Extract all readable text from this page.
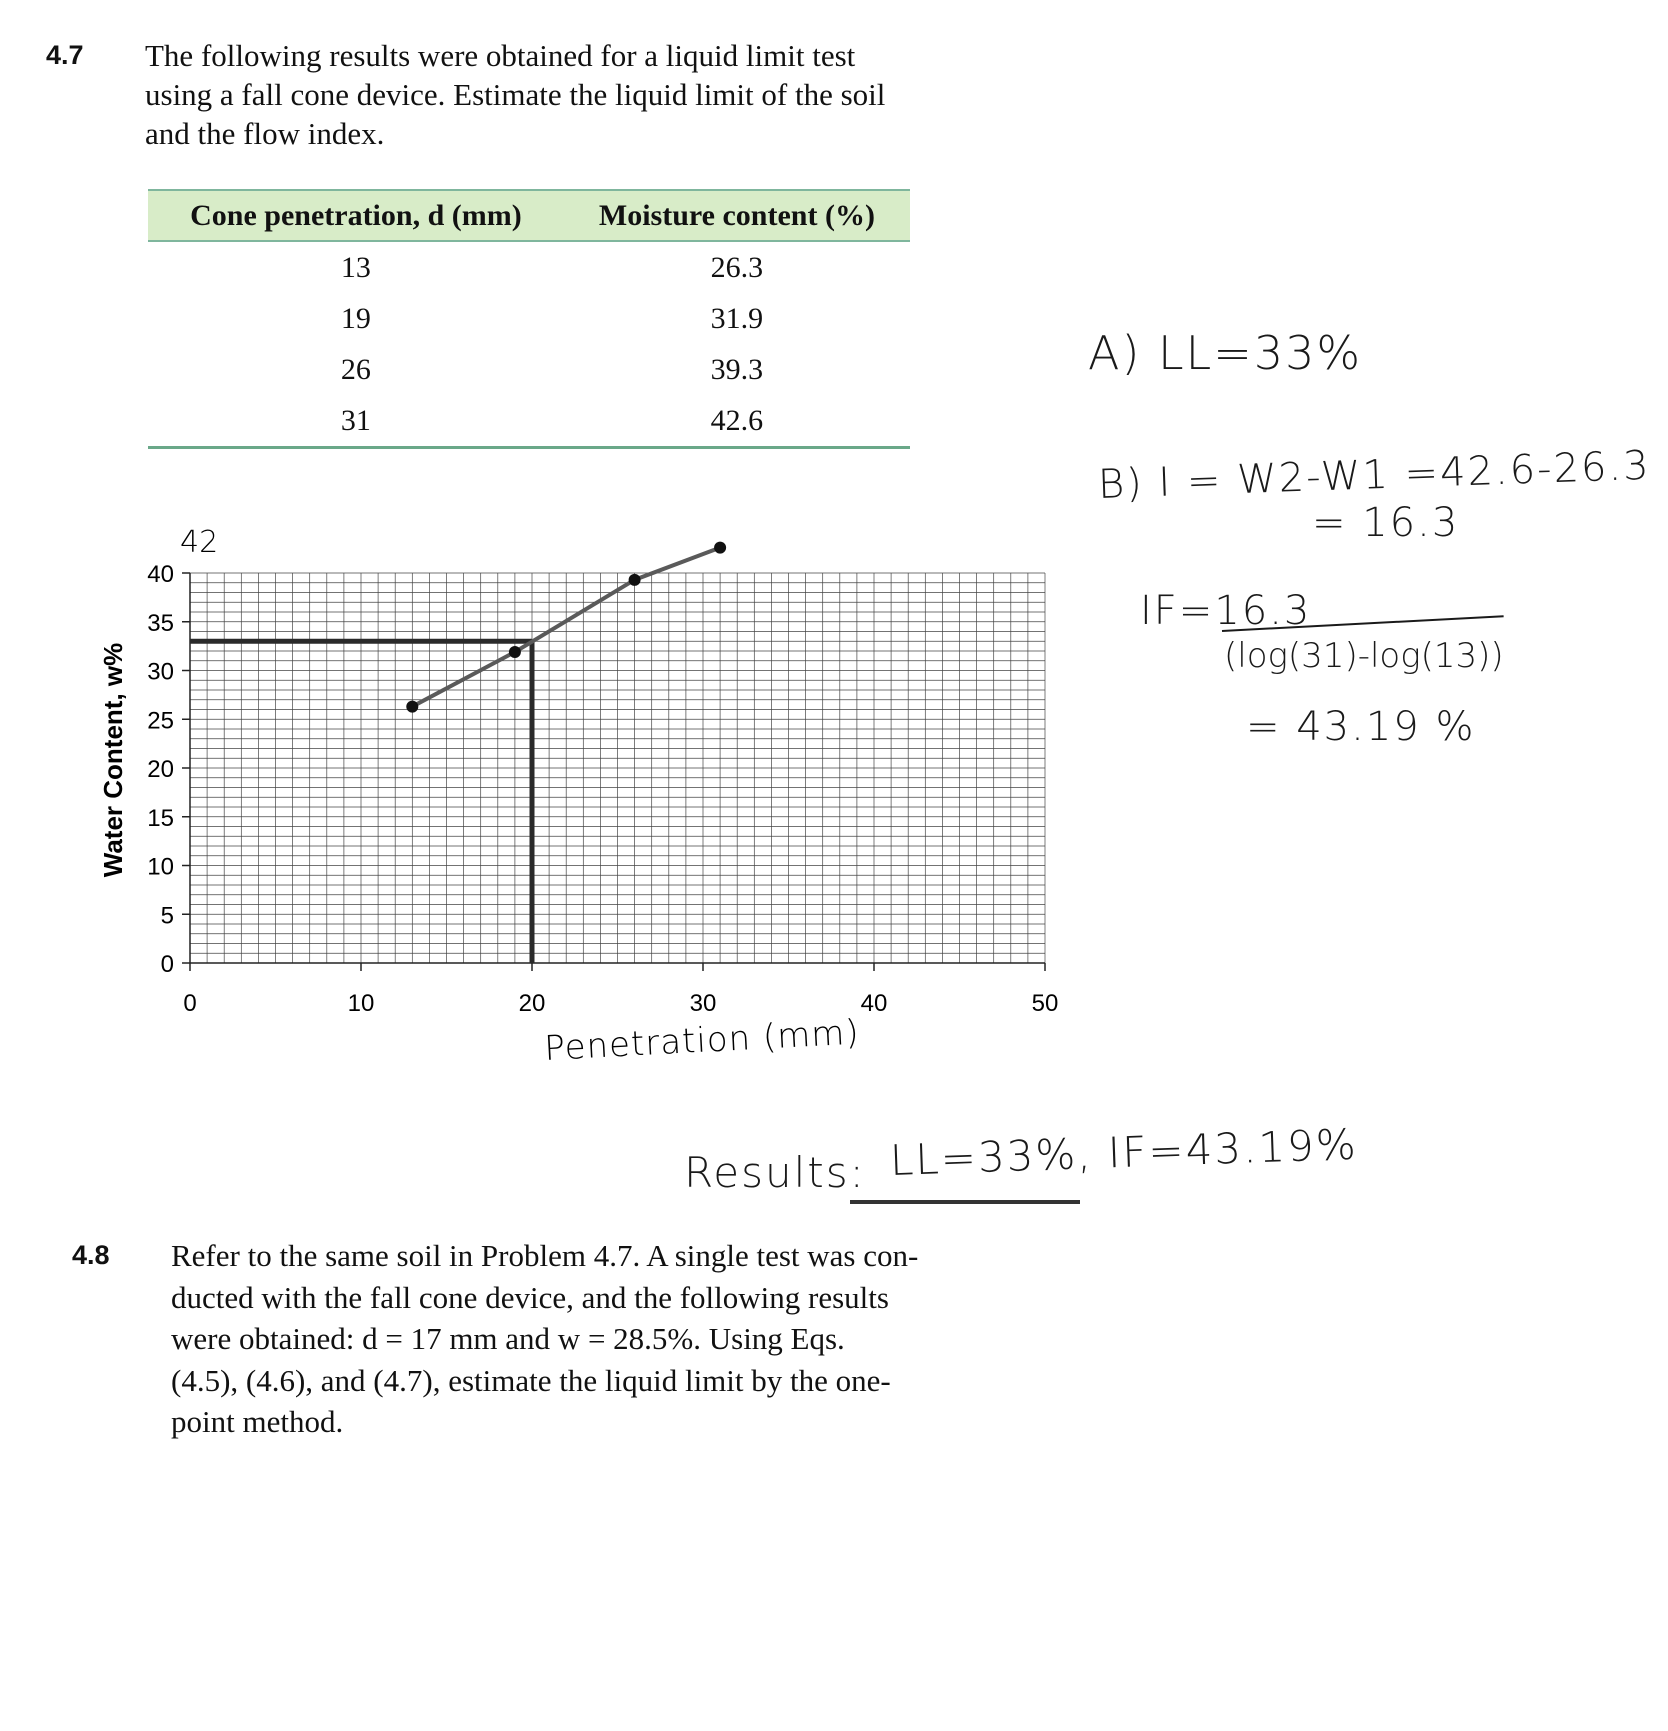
4.7 The following results were obtained for a liquid limit test
using a fall cone device. Estimate the liquid limit of the soil
and the flow index.
Cone penetration, d (mm)	Moisture content (%)
13	26.3
19	31.9
26	39.3
31	42.6
0
5
10
15
20
25
30
35
40
0	10	20	30	40	50
Water Content, w%
42
Penetration (mm)
A) LL=33%
B) I = W2-W1 =42.6-26.3
= 16.3
IF=16.3
(log(31)-log(13))
= 43.19 %
Results: LL=33%, IF=43.19%
4.8 Refer to the same soil in Problem 4.7. A single test was con-
ducted with the fall cone device, and the following results
were obtained: d = 17 mm and w = 28.5%. Using Eqs.
(4.5), (4.6), and (4.7), estimate the liquid limit by the one-
point method.
